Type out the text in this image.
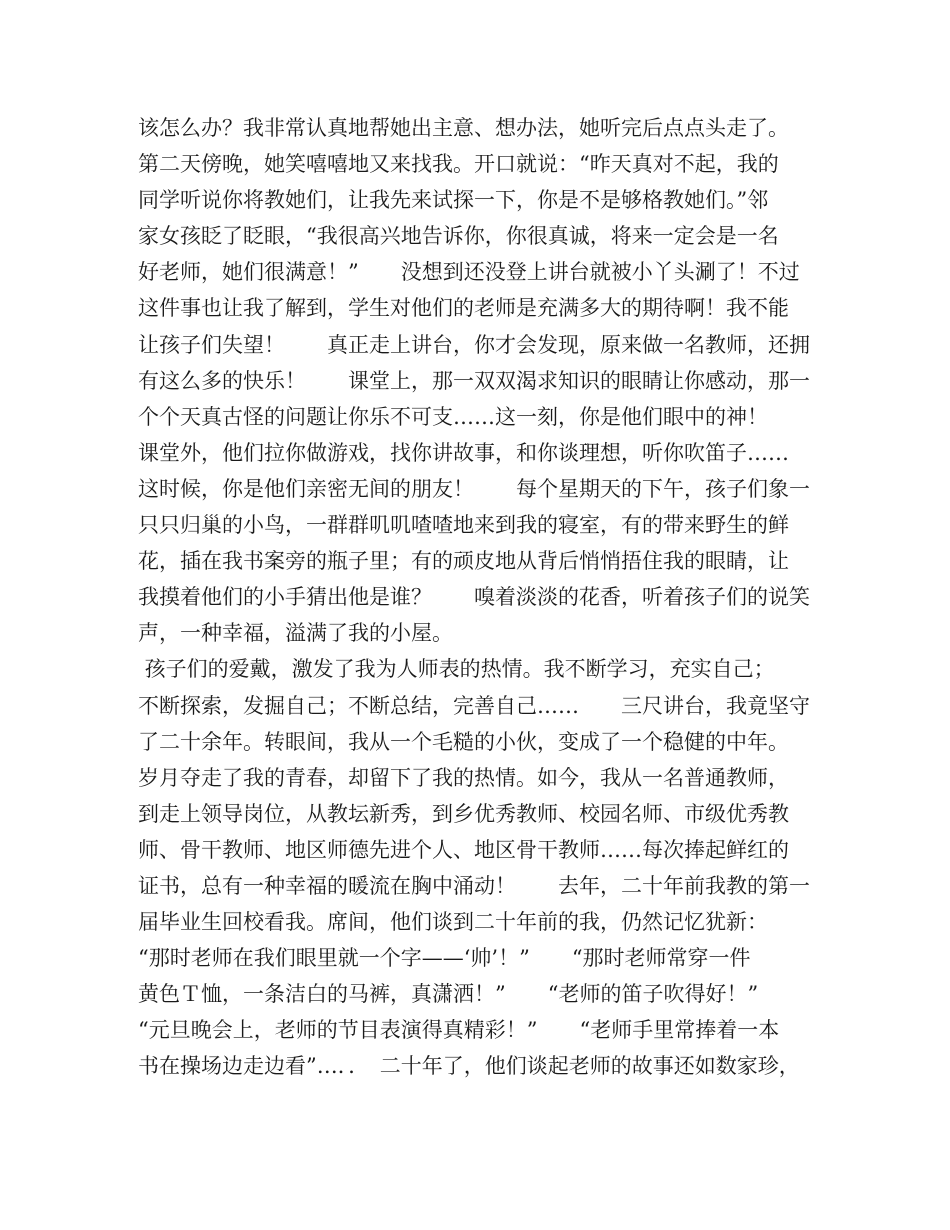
该怎么办？我非常认真地帮她出主意、想办法，她听完后点点头走了。
第二天傍晚，她笑嘻嘻地又来找我。开口就说：“昨天真对不起，我的
同学听说你将教她们，让我先来试探一下，你是不是够格教她们。”邻
家女孩眨了眨眼，“我很高兴地告诉你，你很真诚，将来一定会是一名
好老师，她们很满意！”　　没想到还没登上讲台就被小丫头涮了！不过
这件事也让我了解到，学生对他们的老师是充满多大的期待啊！我不能
让孩子们失望！　　真正走上讲台，你才会发现，原来做一名教师，还拥
有这么多的快乐！　　课堂上，那一双双渴求知识的眼睛让你感动，那一
个个天真古怪的问题让你乐不可支……这一刻，你是他们眼中的神！
课堂外，他们拉你做游戏，找你讲故事，和你谈理想，听你吹笛子……
这时候，你是他们亲密无间的朋友！　　每个星期天的下午，孩子们象一
只只归巢的小鸟，一群群叽叽喳喳地来到我的寝室，有的带来野生的鲜
花，插在我书案旁的瓶子里；有的顽皮地从背后悄悄捂住我的眼睛，让
我摸着他们的小手猜出他是谁？　　嗅着淡淡的花香，听着孩子们的说笑
声，一种幸福，溢满了我的小屋。
孩子们的爱戴，激发了我为人师表的热情。我不断学习，充实自己；
不断探索，发掘自己；不断总结，完善自己……　　三尺讲台，我竟坚守
了二十余年。转眼间，我从一个毛糙的小伙，变成了一个稳健的中年。
岁月夺走了我的青春，却留下了我的热情。如今，我从一名普通教师，
到走上领导岗位，从教坛新秀，到乡优秀教师、校园名师、市级优秀教
师、骨干教师、地区师德先进个人、地区骨干教师……每次捧起鲜红的
证书，总有一种幸福的暖流在胸中涌动！　　去年，二十年前我教的第一
届毕业生回校看我。席间，他们谈到二十年前的我，仍然记忆犹新：
“那时老师在我们眼里就一个字——‘帅’！”　　“那时老师常穿一件
黄色Ｔ恤，一条洁白的马裤，真潇洒！”　　“老师的笛子吹得好！”
“元旦晚会上，老师的节目表演得真精彩！”　　“老师手里常捧着一本
书在操场边走边看”…．．　二十年了，他们谈起老师的故事还如数家珍，
